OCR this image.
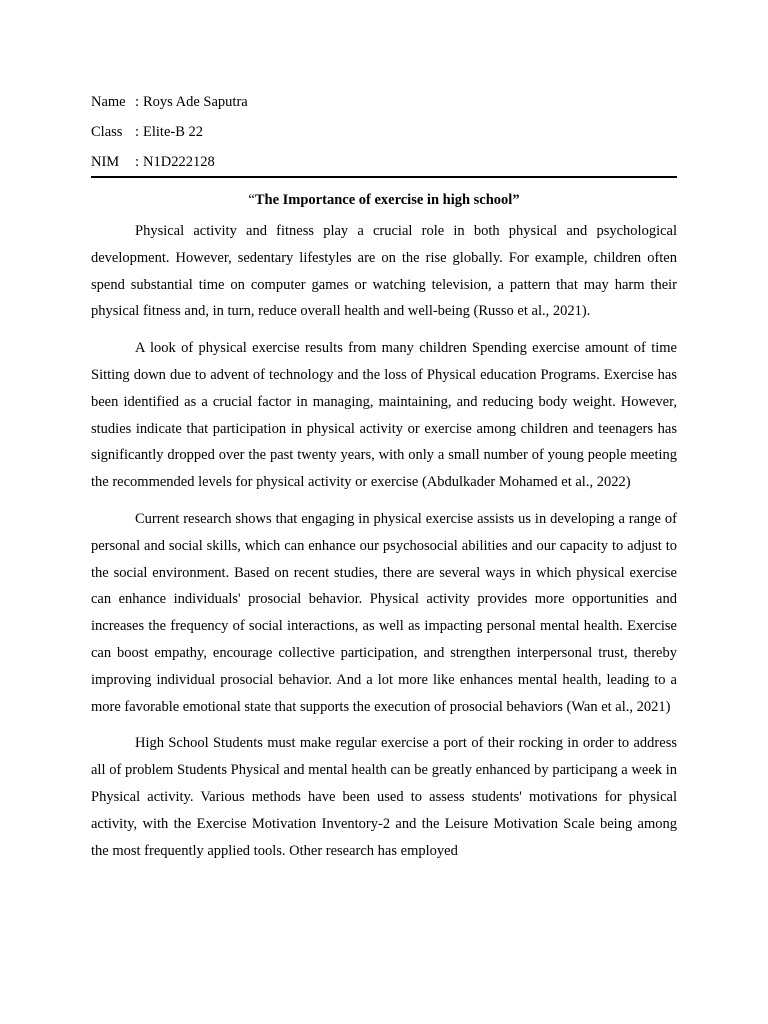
Name : Roys Ade Saputra
Class : Elite-B 22
NIM	: N1D222128
“The Importance of exercise in high school”

Physical activity and fitness play a crucial role in both physical and psychological development. However, sedentary lifestyles are on the rise globally. For example, children often spend substantial time on computer games or watching television, a pattern that may harm their physical fitness and, in turn, reduce overall health and well-being (Russo et al., 2021).

A look of physical exercise results from many children Spending exercise amount of time Sitting down due to advent of technology and the loss of Physical education Programs. Exercise has been identified as a crucial factor in managing, maintaining, and reducing body weight. However, studies indicate that participation in physical activity or exercise among children and teenagers has significantly dropped over the past twenty years, with only a small number of young people meeting the recommended levels for physical activity or exercise (Abdulkader Mohamed et al., 2022)

Current research shows that engaging in physical exercise assists us in developing a range of personal and social skills, which can enhance our psychosocial abilities and our capacity to adjust to the social environment. Based on recent studies, there are several ways in which physical exercise can enhance individuals' prosocial behavior. Physical activity provides more opportunities and increases the frequency of social interactions, as well as impacting personal mental health. Exercise can boost empathy, encourage collective participation, and strengthen interpersonal trust, thereby improving individual prosocial behavior. And a lot more like enhances mental health, leading to a more favorable emotional state that supports the execution of prosocial behaviors (Wan et al., 2021)

High School Students must make regular exercise a port of their rocking in order to address all of problem Students Physical and mental health can be greatly enhanced by participang a week in Physical activity. Various methods have been used to assess students' motivations for physical activity, with the Exercise Motivation Inventory-2 and the Leisure Motivation Scale being among the most frequently applied tools. Other research has employed
